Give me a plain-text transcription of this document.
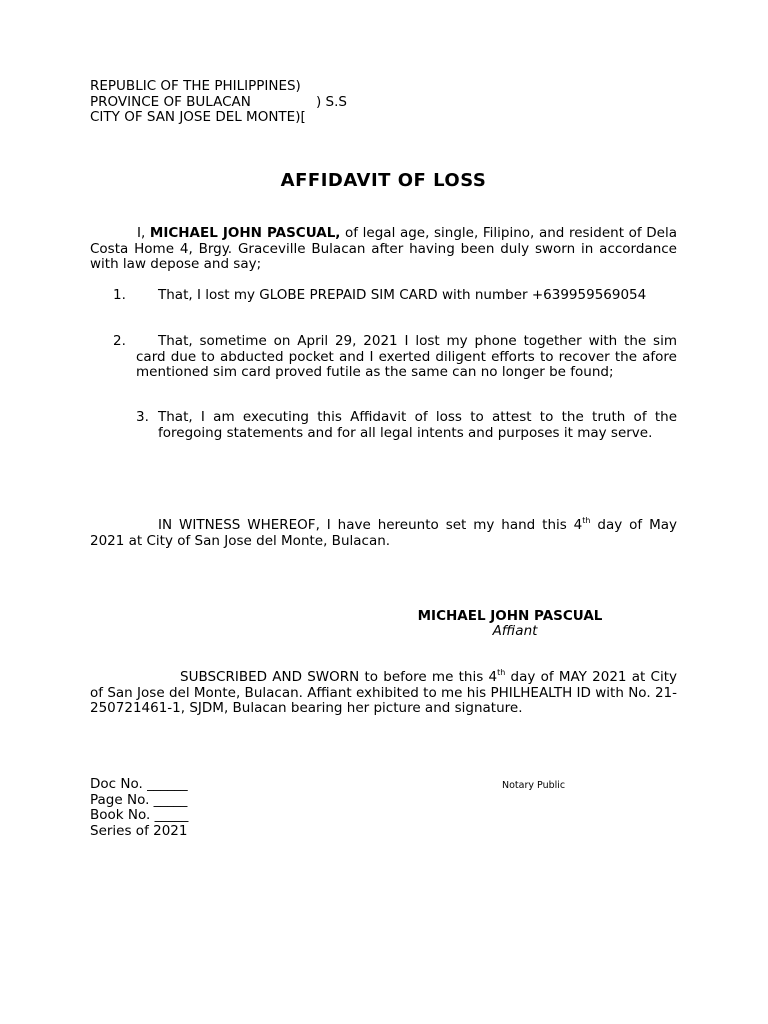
REPUBLIC OF THE PHILIPPINES)
PROVINCE OF BULACAN	) S.S
CITY OF SAN JOSE DEL MONTE)[
AFFIDAVIT OF LOSS
I, MICHAEL JOHN PASCUAL, of legal age, single, Filipino, and resident of Dela Costa Home 4, Brgy. Graceville Bulacan after having been duly sworn in accordance with law depose and say;
1.	That, I lost my GLOBE PREPAID SIM CARD with number +639959569054
2.	That, sometime on April 29, 2021 I lost my phone together with the sim card due to abducted pocket and I exerted diligent efforts to recover the afore mentioned sim card proved futile as the same can no longer be found;
3. That, I am executing this Affidavit of loss to attest to the truth of the foregoing statements and for all legal intents and purposes it may serve.
IN WITNESS WHEREOF, I have hereunto set my hand this 4th day of May 2021 at City of San Jose del Monte, Bulacan.
MICHAEL JOHN PASCUAL
Affiant
SUBSCRIBED AND SWORN to before me this 4th day of MAY 2021 at City of San Jose del Monte, Bulacan. Affiant exhibited to me his PHILHEALTH ID with No. 21-250721461-1, SJDM, Bulacan bearing her picture and signature.
Doc No. ______
Page No. _____
Book No. _____
Series of 2021
Notary Public
